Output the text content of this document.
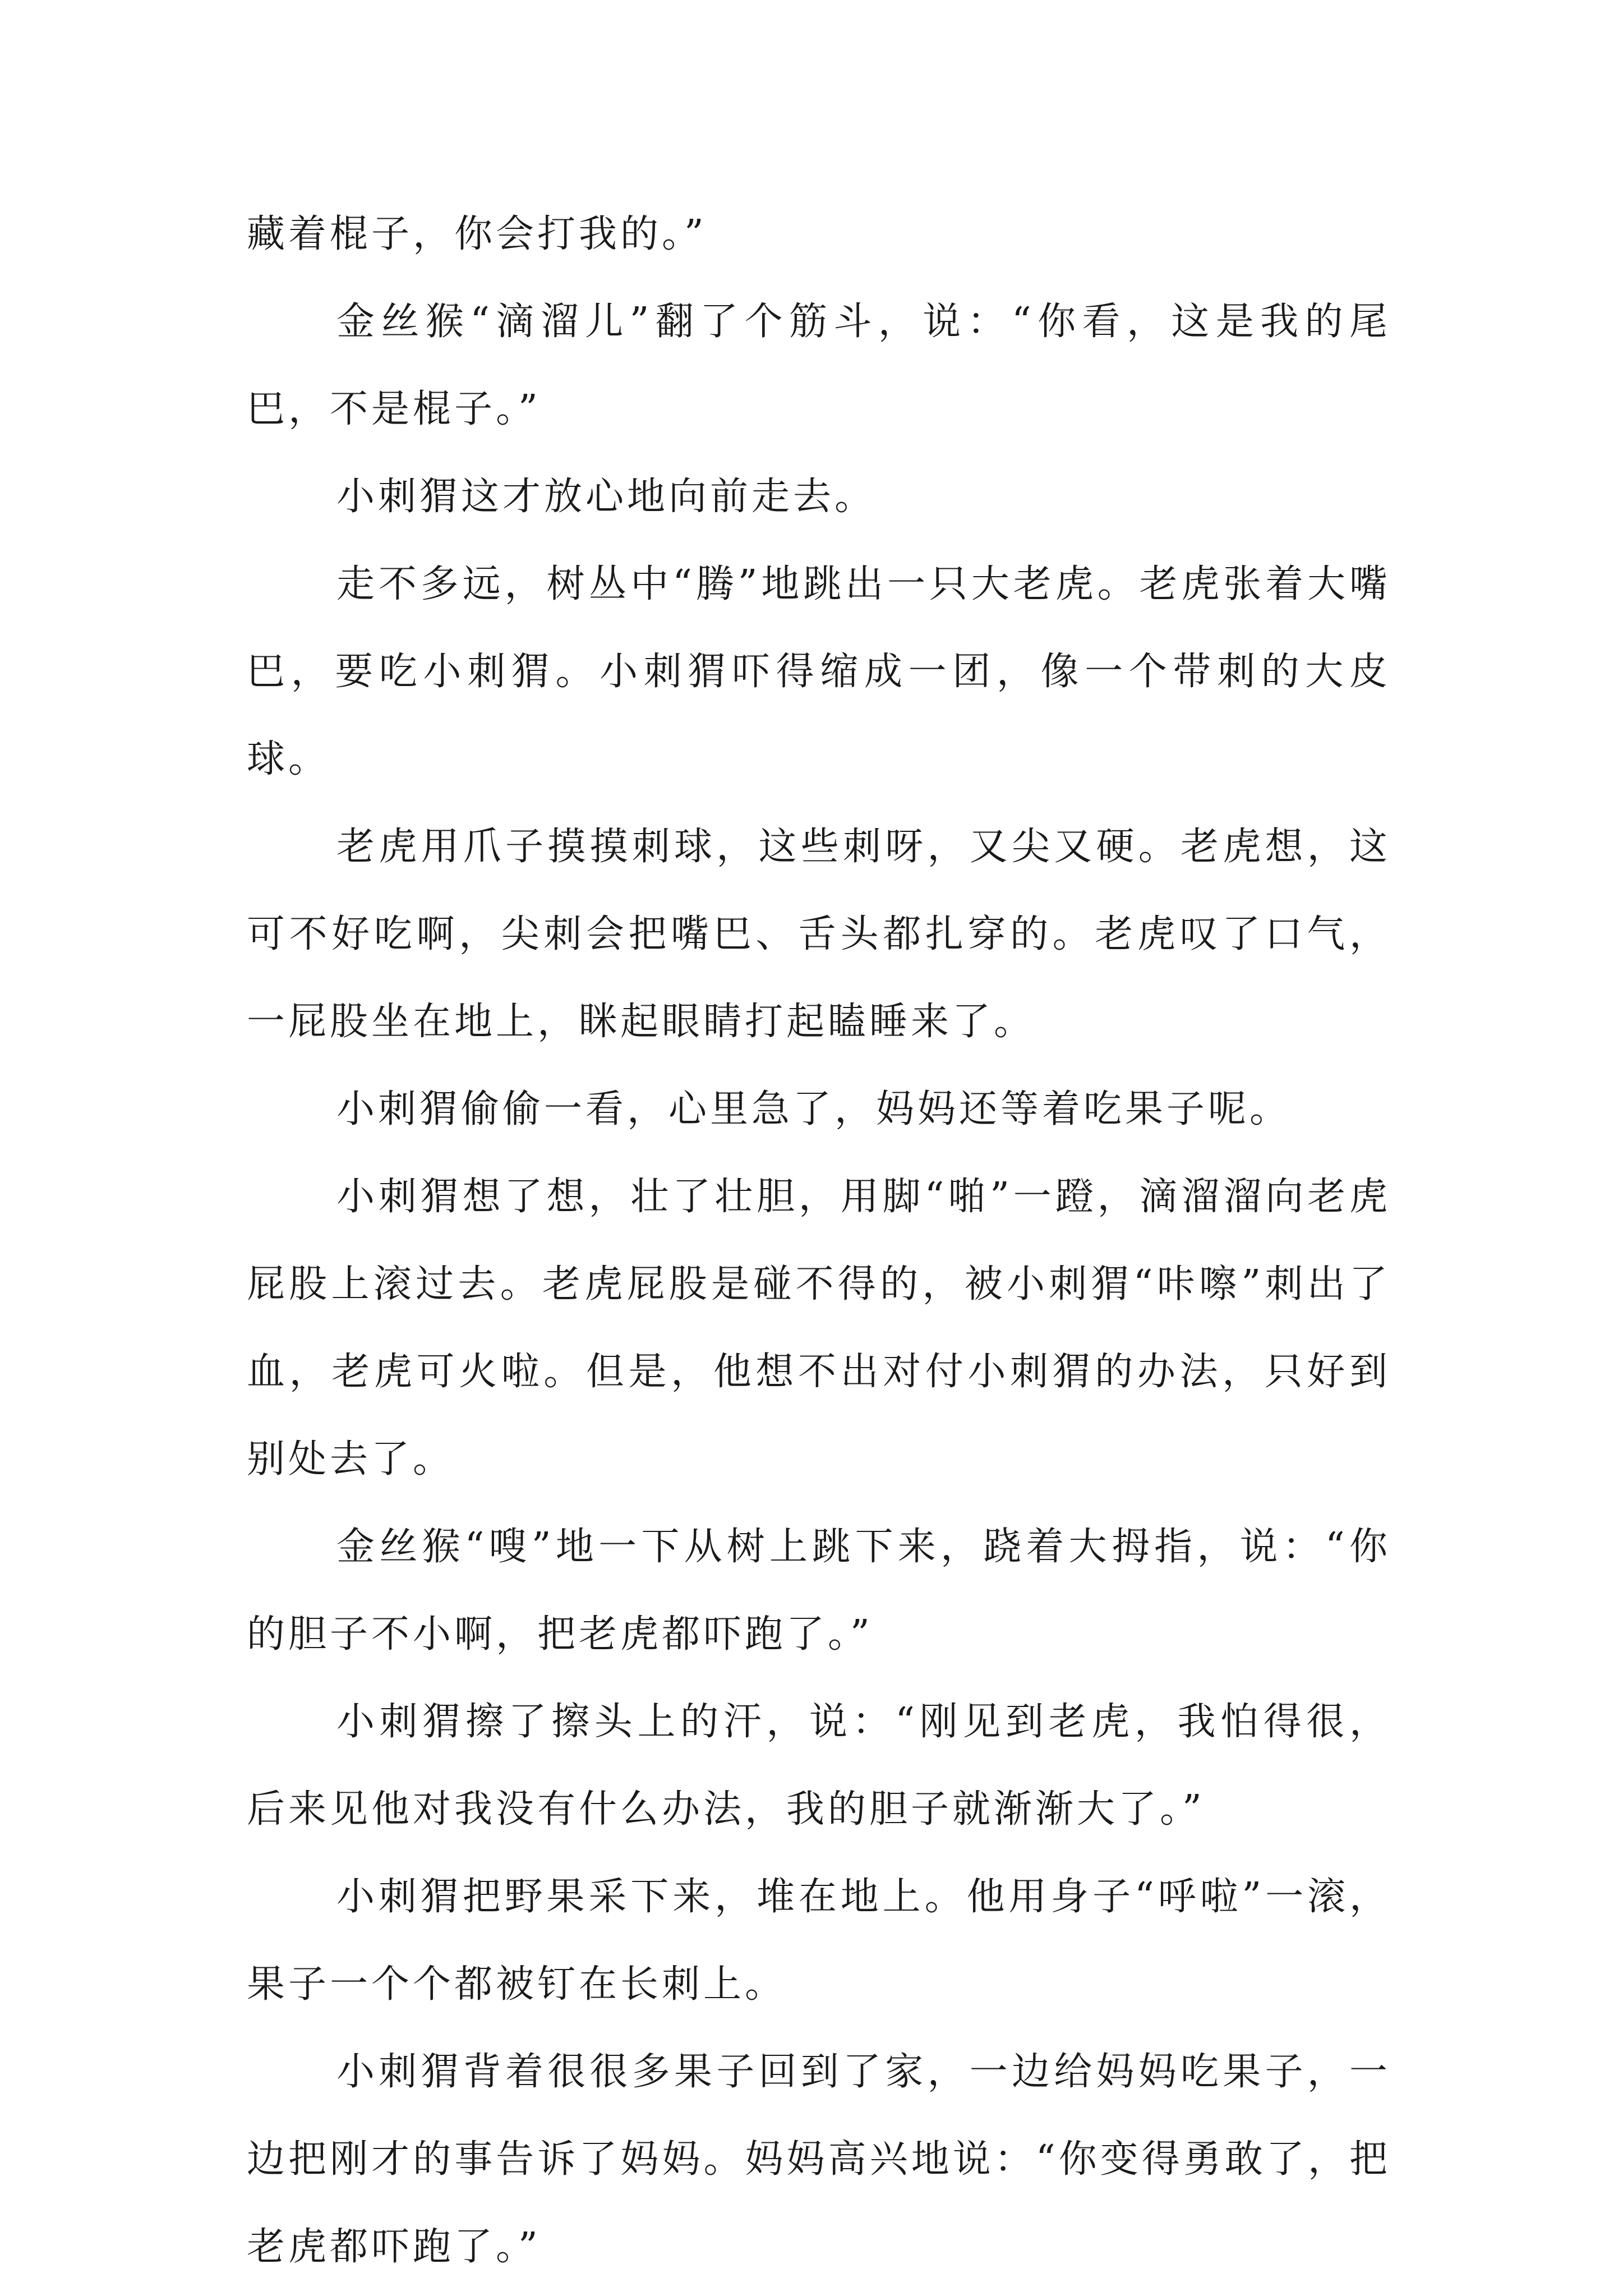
藏着棍子，你会打我的。”

金丝猴“滴溜儿”翻了个筋斗，说：“你看，这是我的尾巴，不是棍子。”

小刺猬这才放心地向前走去。

走不多远，树丛中“腾”地跳出一只大老虎。老虎张着大嘴巴，要吃小刺猬。小刺猬吓得缩成一团，像一个带刺的大皮球。

老虎用爪子摸摸刺球，这些刺呀，又尖又硬。老虎想，这可不好吃啊，尖刺会把嘴巴、舌头都扎穿的。老虎叹了口气，一屁股坐在地上，眯起眼睛打起瞌睡来了。

小刺猬偷偷一看，心里急了，妈妈还等着吃果子呢。

小刺猬想了想，壮了壮胆，用脚“啪”一蹬，滴溜溜向老虎屁股上滚过去。老虎屁股是碰不得的，被小刺猬“咔嚓”刺出了血，老虎可火啦。但是，他想不出对付小刺猬的办法，只好到别处去了。

金丝猴“嗖”地一下从树上跳下来，跷着大拇指，说：“你的胆子不小啊，把老虎都吓跑了。”

小刺猬擦了擦头上的汗，说：“刚见到老虎，我怕得很，后来见他对我没有什么办法，我的胆子就渐渐大了。”

小刺猬把野果采下来，堆在地上。他用身子“呼啦”一滚，果子一个个都被钉在长刺上。

小刺猬背着很很多果子回到了家，一边给妈妈吃果子，一边把刚才的事告诉了妈妈。妈妈高兴地说：“你变得勇敢了，把老虎都吓跑了。”
